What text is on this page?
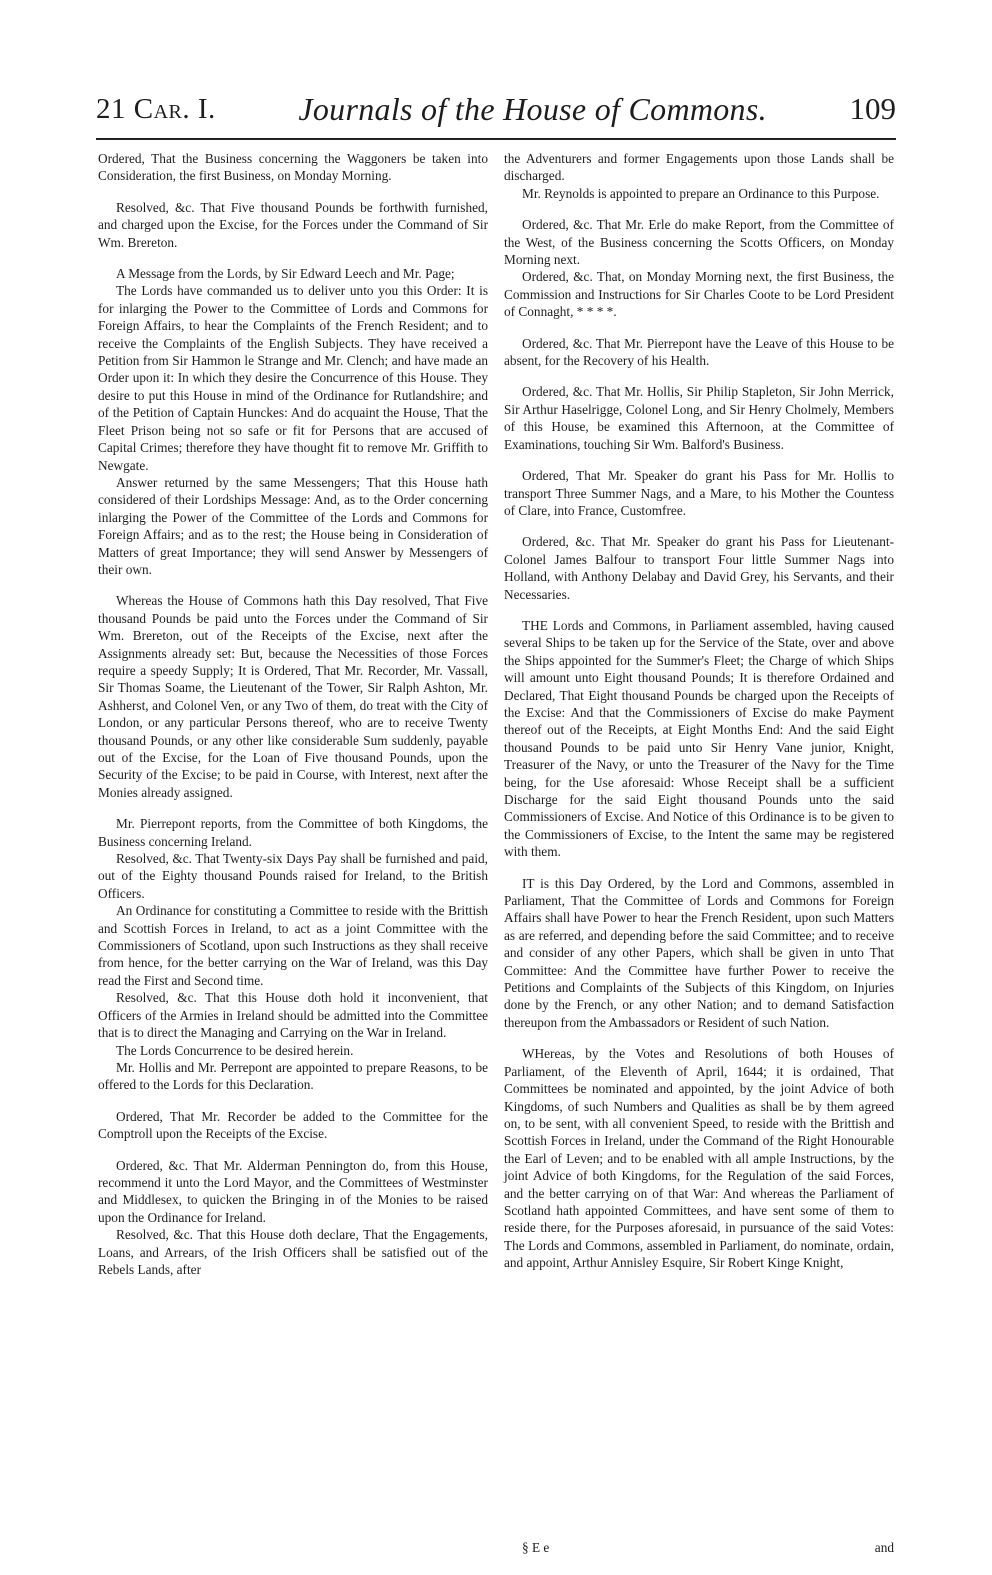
21 Car. I.	Journals of the House of Commons.	109

Ordered, That the Business concerning the Waggoners be taken into Consideration, the first Business, on Monday Morning.

Resolved, &c. That Five thousand Pounds be forthwith furnished, and charged upon the Excise, for the Forces under the Command of Sir Wm. Brereton.

A Message from the Lords, by Sir Edward Leech and Mr. Page;

The Lords have commanded us to deliver unto you this Order: It is for inlarging the Power to the Committee of Lords and Commons for Foreign Affairs, to hear the Complaints of the French Resident; and to receive the Complaints of the English Subjects. They have received a Petition from Sir Hammon le Strange and Mr. Clench; and have made an Order upon it: In which they desire the Concurrence of this House. They desire to put this House in mind of the Ordinance for Rutlandshire; and of the Petition of Captain Hunckes: And do acquaint the House, That the Fleet Prison being not so safe or fit for Persons that are accused of Capital Crimes; therefore they have thought fit to remove Mr. Griffith to Newgate.

Answer returned by the same Messengers; That this House hath considered of their Lordships Message: And, as to the Order concerning inlarging the Power of the Committee of the Lords and Commons for Foreign Affairs; and as to the rest; the House being in Consideration of Matters of great Importance; they will send Answer by Messengers of their own.

Whereas the House of Commons hath this Day resolved, That Five thousand Pounds be paid unto the Forces under the Command of Sir Wm. Brereton, out of the Receipts of the Excise, next after the Assignments already set: But, because the Necessities of those Forces require a speedy Supply; It is Ordered, That Mr. Recorder, Mr. Vassall, Sir Thomas Soame, the Lieutenant of the Tower, Sir Ralph Ashton, Mr. Ashherst, and Colonel Ven, or any Two of them, do treat with the City of London, or any particular Persons thereof, who are to receive Twenty thousand Pounds, or any other like considerable Sum suddenly, payable out of the Excise, for the Loan of Five thousand Pounds, upon the Security of the Excise; to be paid in Course, with Interest, next after the Monies already assigned.

Mr. Pierrepont reports, from the Committee of both Kingdoms, the Business concerning Ireland.

Resolved, &c. That Twenty-six Days Pay shall be furnished and paid, out of the Eighty thousand Pounds raised for Ireland, to the British Officers.

An Ordinance for constituting a Committee to reside with the Brittish and Scottish Forces in Ireland, to act as a joint Committee with the Commissioners of Scotland, upon such Instructions as they shall receive from hence, for the better carrying on the War of Ireland, was this Day read the First and Second time.

Resolved, &c. That this House doth hold it inconvenient, that Officers of the Armies in Ireland should be admitted into the Committee that is to direct the Managing and Carrying on the War in Ireland.

The Lords Concurrence to be desired herein.

Mr. Hollis and Mr. Perrepont are appointed to prepare Reasons, to be offered to the Lords for this Declaration.

Ordered, That Mr. Recorder be added to the Committee for the Comptroll upon the Receipts of the Excise.

Ordered, &c. That Mr. Alderman Pennington do, from this House, recommend it unto the Lord Mayor, and the Committees of Westminster and Middlesex, to quicken the Bringing in of the Monies to be raised upon the Ordinance for Ireland.

Resolved, &c. That this House doth declare, That the Engagements, Loans, and Arrears, of the Irish Officers shall be satisfied out of the Rebels Lands, after

the Adventurers and former Engagements upon those Lands shall be discharged.

Mr. Reynolds is appointed to prepare an Ordinance to this Purpose.

Ordered, &c. That Mr. Erle do make Report, from the Committee of the West, of the Business concerning the Scotts Officers, on Monday Morning next.

Ordered, &c. That, on Monday Morning next, the first Business, the Commission and Instructions for Sir Charles Coote to be Lord President of Connaght, * * * *.

Ordered, &c. That Mr. Pierrepont have the Leave of this House to be absent, for the Recovery of his Health.

Ordered, &c. That Mr. Hollis, Sir Philip Stapleton, Sir John Merrick, Sir Arthur Haselrigge, Colonel Long, and Sir Henry Cholmely, Members of this House, be examined this Afternoon, at the Committee of Examinations, touching Sir Wm. Balford's Business.

Ordered, That Mr. Speaker do grant his Pass for Mr. Hollis to transport Three Summer Nags, and a Mare, to his Mother the Countess of Clare, into France, Customfree.

Ordered, &c. That Mr. Speaker do grant his Pass for Lieutenant-Colonel James Balfour to transport Four little Summer Nags into Holland, with Anthony Delabay and David Grey, his Servants, and their Necessaries.

THE Lords and Commons, in Parliament assembled, having caused several Ships to be taken up for the Service of the State, over and above the Ships appointed for the Summer's Fleet; the Charge of which Ships will amount unto Eight thousand Pounds; It is therefore Ordained and Declared, That Eight thousand Pounds be charged upon the Receipts of the Excise: And that the Commissioners of Excise do make Payment thereof out of the Receipts, at Eight Months End: And the said Eight thousand Pounds to be paid unto Sir Henry Vane junior, Knight, Treasurer of the Navy, or unto the Treasurer of the Navy for the Time being, for the Use aforesaid: Whose Receipt shall be a sufficient Discharge for the said Eight thousand Pounds unto the said Commissioners of Excise. And Notice of this Ordinance is to be given to the Commissioners of Excise, to the Intent the same may be registered with them.

IT is this Day Ordered, by the Lord and Commons, assembled in Parliament, That the Committee of Lords and Commons for Foreign Affairs shall have Power to hear the French Resident, upon such Matters as are referred, and depending before the said Committee; and to receive and consider of any other Papers, which shall be given in unto That Committee: And the Committee have further Power to receive the Petitions and Complaints of the Subjects of this Kingdom, on Injuries done by the French, or any other Nation; and to demand Satisfaction thereupon from the Ambassadors or Resident of such Nation.

WHereas, by the Votes and Resolutions of both Houses of Parliament, of the Eleventh of April, 1644; it is ordained, That Committees be nominated and appointed, by the joint Advice of both Kingdoms, of such Numbers and Qualities as shall be by them agreed on, to be sent, with all convenient Speed, to reside with the Brittish and Scottish Forces in Ireland, under the Command of the Right Honourable the Earl of Leven; and to be enabled with all ample Instructions, by the joint Advice of both Kingdoms, for the Regulation of the said Forces, and the better carrying on of that War: And whereas the Parliament of Scotland hath appointed Committees, and have sent some of them to reside there, for the Purposes aforesaid, in pursuance of the said Votes: The Lords and Commons, assembled in Parliament, do nominate, ordain, and appoint, Arthur Annisley Esquire, Sir Robert Kinge Knight,

§ E e	and
